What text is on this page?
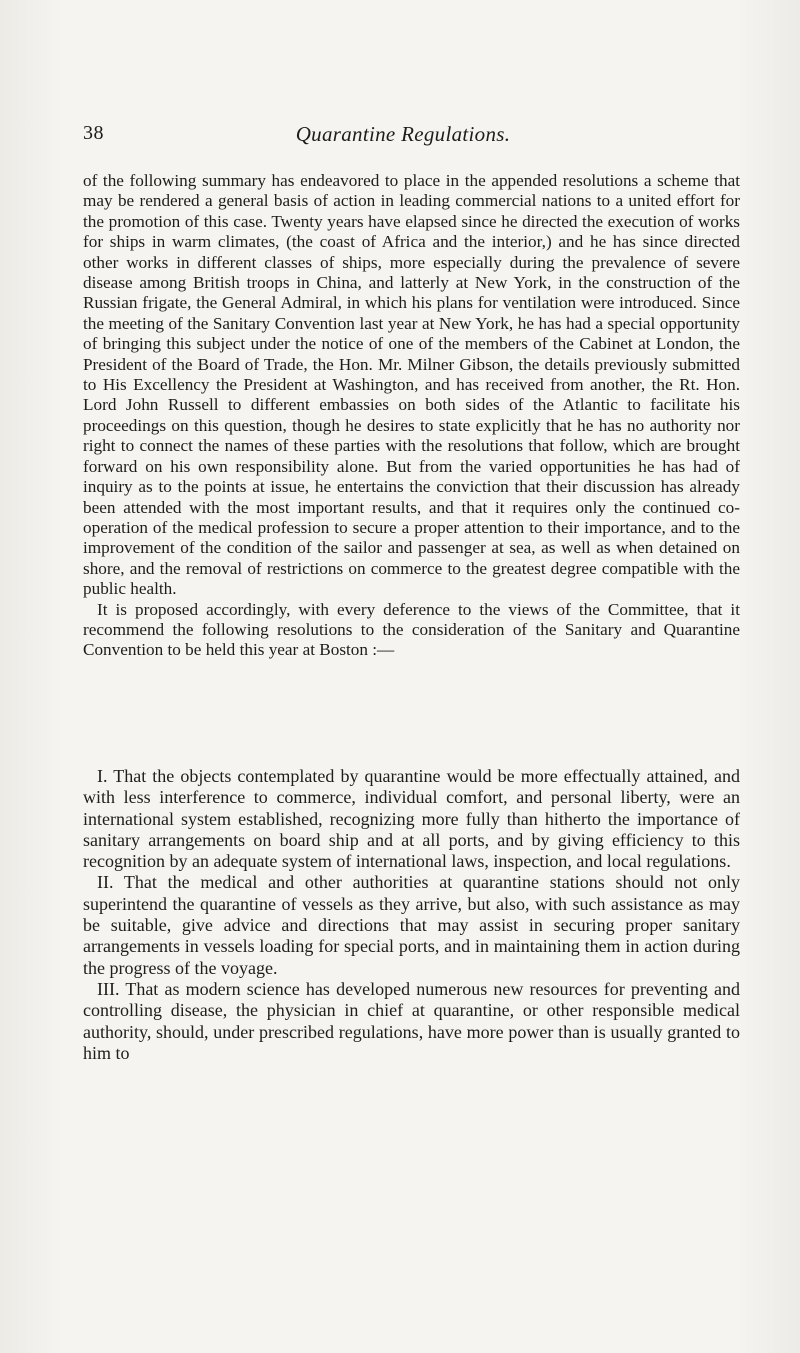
38	Quarantine Regulations.

of the following summary has endeavored to place in the appended resolutions a scheme that may be rendered a general basis of action in leading commercial nations to a united effort for the promotion of this case. Twenty years have elapsed since he directed the execution of works for ships in warm climates, (the coast of Africa and the interior,) and he has since directed other works in different classes of ships, more especially during the prevalence of severe disease among British troops in China, and latterly at New York, in the construction of the Russian frigate, the General Admiral, in which his plans for ventilation were introduced. Since the meeting of the Sanitary Convention last year at New York, he has had a special opportunity of bringing this subject under the notice of one of the members of the Cabinet at London, the President of the Board of Trade, the Hon. Mr. Milner Gibson, the details previously submitted to His Excellency the President at Washington, and has received from another, the Rt. Hon. Lord John Russell to different embassies on both sides of the Atlantic to facilitate his proceedings on this question, though he desires to state explicitly that he has no authority nor right to connect the names of these parties with the resolutions that follow, which are brought forward on his own responsibility alone. But from the varied opportunities he has had of inquiry as to the points at issue, he entertains the conviction that their discussion has already been attended with the most important results, and that it requires only the continued co-operation of the medical profession to secure a proper attention to their importance, and to the improvement of the condition of the sailor and passenger at sea, as well as when detained on shore, and the removal of restrictions on commerce to the greatest degree compatible with the public health.

It is proposed accordingly, with every deference to the views of the Committee, that it recommend the following resolutions to the consideration of the Sanitary and Quarantine Convention to be held this year at Boston :—

I. That the objects contemplated by quarantine would be more effectually attained, and with less interference to commerce, individual comfort, and personal liberty, were an international system established, recognizing more fully than hitherto the importance of sanitary arrangements on board ship and at all ports, and by giving efficiency to this recognition by an adequate system of international laws, inspection, and local regulations.

II. That the medical and other authorities at quarantine stations should not only superintend the quarantine of vessels as they arrive, but also, with such assistance as may be suitable, give advice and directions that may assist in securing proper sanitary arrangements in vessels loading for special ports, and in maintaining them in action during the progress of the voyage.

III. That as modern science has developed numerous new resources for preventing and controlling disease, the physician in chief at quarantine, or other responsible medical authority, should, under prescribed regulations, have more power than is usually granted to him to
